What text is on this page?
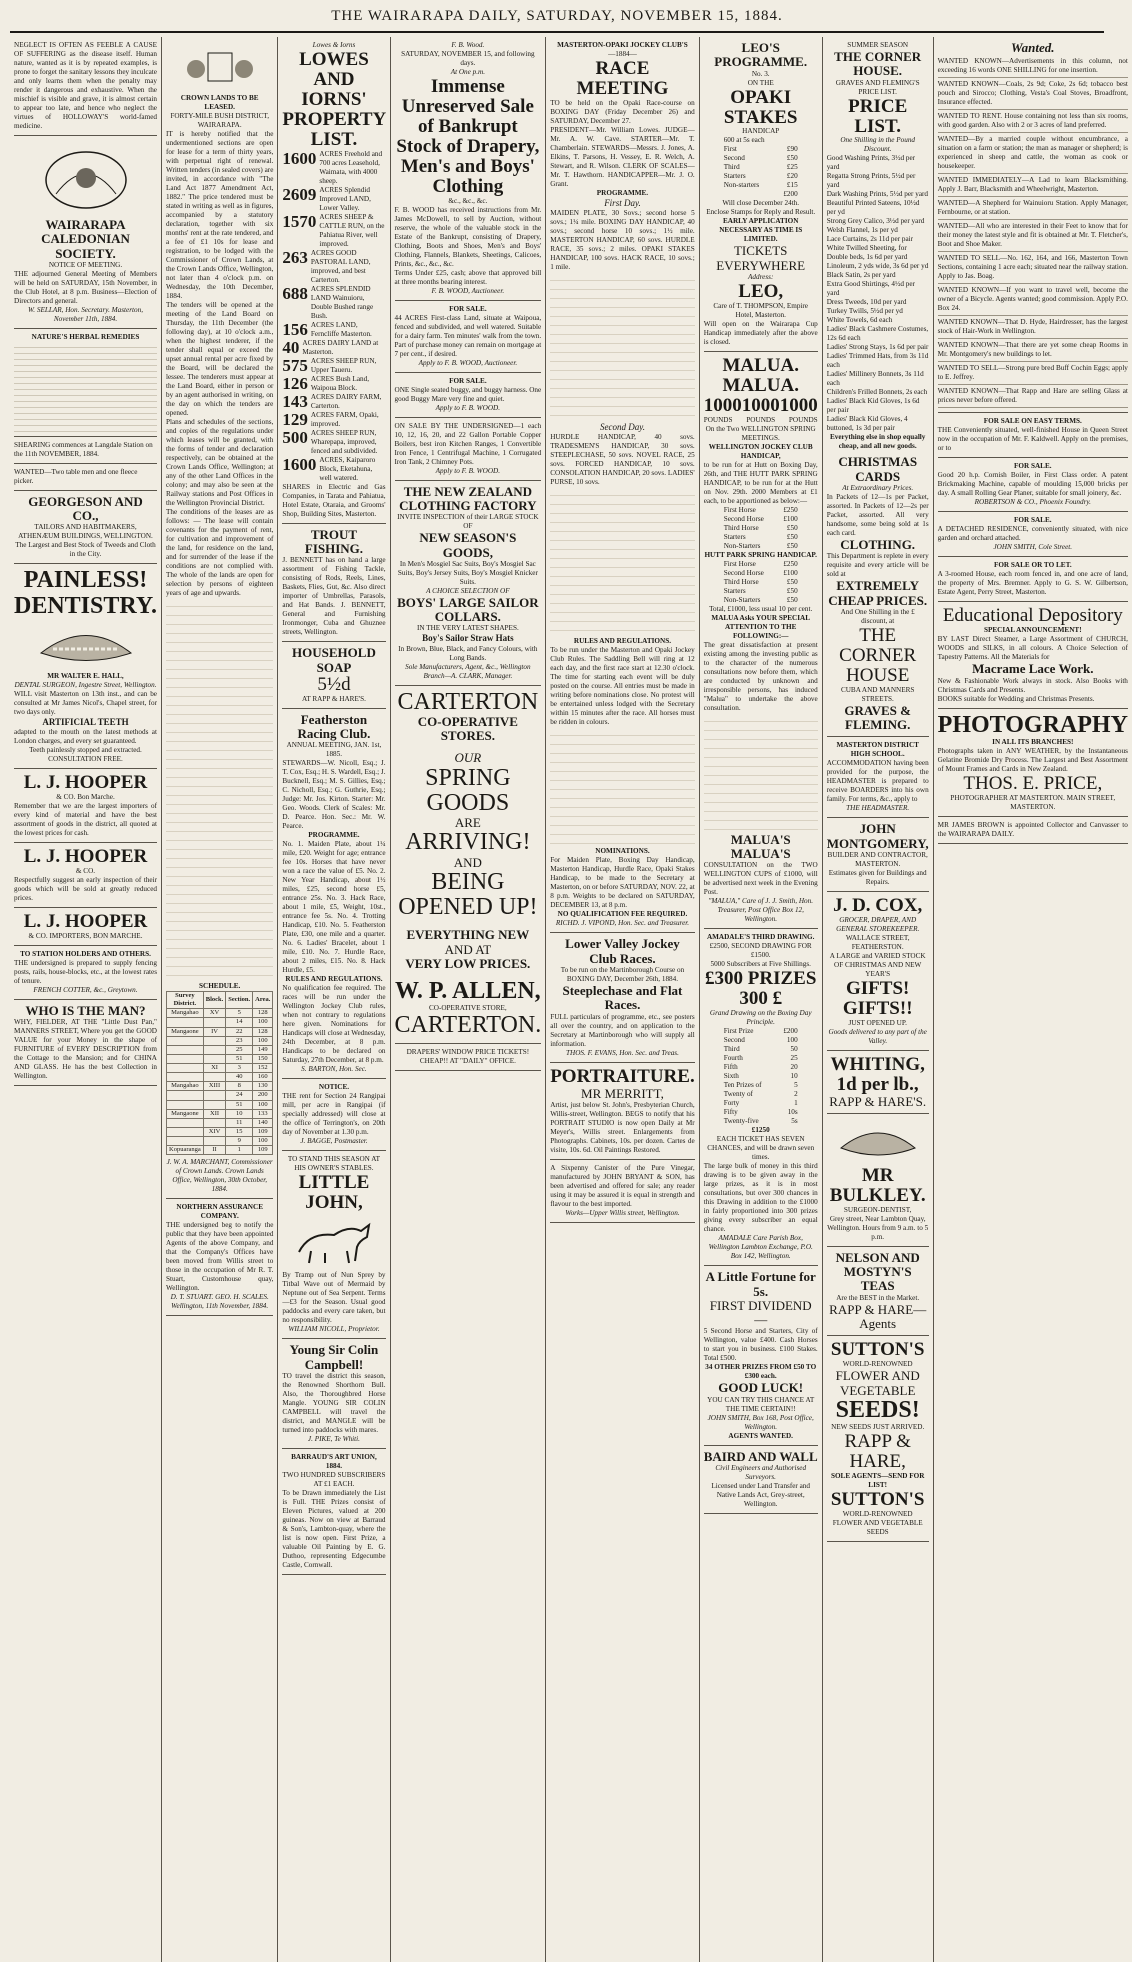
THE WAIRARAPA DAILY, SATURDAY, NOVEMBER 15, 1884.
NEGLECT IS OFTEN AS FEEBLE A CAUSE OF SUFFERING as the disease itself. Human nature, wanted as it is by repeated examples, is prone to forget the sanitary lessons they inculcate and only learns them when the penalty may render it dangerous and exhaustive. When the mischief is visible and grave, it is almost certain to appear too late, and hence who neglect the virtues of HOLLOWAY'S world-famed medicine.
WAIRARAPA CALEDONIAN SOCIETY.
NOTICE OF MEETING.
THE adjourned General Meeting of Members will be held on SATURDAY, 15th November, in the Club Hotel, at 8 p.m. Business—Election of Directors and general.
W. SELLAR, Hon. Secretary. Masterton, November 11th, 1884.
NATURE'S HERBAL REMEDIES
SHEARING commences at Langdale Station on the 11th NOVEMBER, 1884.
WANTED—Two table men and one fleece picker.
GEORGESON AND CO.,
TAILORS AND HABITMAKERS, ATHENÆUM BUILDINGS, WELLINGTON.
The Largest and Best Stock of Tweeds and Cloth in the City.
PAINLESS!
DENTISTRY.
MR WALTER E. HALL,
DENTAL SURGEON, Ingestre Street, Wellington.
WILL visit Masterton on 13th inst., and can be consulted at Mr James Nicol's, Chapel street, for two days only.
ARTIFICIAL TEETH
adapted to the mouth on the latest methods at London charges, and every set guaranteed.
Teeth painlessly stopped and extracted. CONSULTATION FREE.
L. J. HOOPER
& CO. Bon Marche.
Remember that we are the largest importers of every kind of material and have the best assortment of goods in the district, all quoted at the lowest prices for cash.
L. J. HOOPER
& CO.
Respectfully suggest an early inspection of their goods which will be sold at greatly reduced prices.
L. J. HOOPER
& CO. IMPORTERS, BON MARCHE.
TO STATION HOLDERS AND OTHERS.
THE undersigned is prepared to supply fencing posts, rails, house-blocks, etc., at the lowest rates of tenure.
FRENCH COTTER, &c., Greytown.
WHO IS THE MAN?
WHY, FIELDER, AT THE "Little Dust Pan," MANNERS STREET, Where you get the GOOD VALUE for your Money in the shape of FURNITURE of EVERY DESCRIPTION from the Cottage to the Mansion; and for CHINA AND GLASS. He has the best Collection in Wellington.
CROWN LANDS TO BE LEASED.
FORTY-MILE BUSH DISTRICT, WAIRARAPA.
IT is hereby notified that the undermentioned sections are open for lease for a term of thirty years, with perpetual right of renewal. Written tenders (in sealed covers) are invited, in accordance with "The Land Act 1877 Amendment Act, 1882." The price tendered must be stated in writing as well as in figures, accompanied by a statutory declaration, together with six months' rent at the rate tendered, and a fee of £1 10s for lease and registration, to be lodged with the Commissioner of Crown Lands, at the Crown Lands Office, Wellington, not later than 4 o'clock p.m. on Wednesday, the 10th December, 1884.
The tenders will be opened at the meeting of the Land Board on Thursday, the 11th December (the following day), at 10 o'clock a.m., when the highest tenderer, if the tender shall equal or exceed the upset annual rental per acre fixed by the Board, will be declared the lessee. The tenderers must appear at the Land Board, either in person or by an agent authorised in writing, on the day on which the tenders are opened.
Plans and schedules of the sections, and copies of the regulations under which leases will be granted, with the forms of tender and declaration respectively, can be obtained at the Crown Lands Office, Wellington; at any of the other Land Offices in the colony; and may also be seen at the Railway stations and Post Offices in the Wellington Provincial District.
The conditions of the leases are as follows: — The lease will contain covenants for the payment of rent, for cultivation and improvement of the land, for residence on the land, and for surrender of the lease if the conditions are not complied with. The whole of the lands are open for selection by persons of eighteen years of age and upwards.
SCHEDULE.
Survey District.	Block.	Section.	Area.
Mangahao	XV	5	128
		14	100
Mangaone	IV	22	128
		23	100
		25	149
		51	150
	XI	3	152
		40	160
Mangahao	XIII	8	130
		24	200
		51	100
Mangaone	XII	10	133
		11	140
	XIV	15	109
		9	100
Kopuaranga	II	1	109
J. W. A. MARCHANT, Commissioner of Crown Lands. Crown Lands Office, Wellington, 30th October, 1884.
NORTHERN ASSURANCE COMPANY.
THE undersigned beg to notify the public that they have been appointed Agents of the above Company, and that the Company's Offices have been moved from Willis street to those in the occupation of Mr R. T. Stuart, Customhouse quay, Wellington.
D. T. STUART. GEO. H. SCALES. Wellington, 11th November, 1884.
Lowes & Iorns
LOWES AND IORNS' PROPERTY LIST.
1600 ACRES Freehold and 700 acres Leasehold, Waimata, with 4000 sheep.
2609 ACRES Splendid Improved LAND, Lower Valley.
1570 ACRES SHEEP & CATTLE RUN, on the Pahiatua River, well improved.
263 ACRES GOOD PASTORAL LAND, improved, and best Carterton.
688 ACRES SPLENDID LAND Wainuioru, Double Bushed range Bush.
156 ACRES LAND, Ferncliffe Masterton.
40 ACRES DAIRY LAND at Masterton.
575 ACRES SHEEP RUN, Upper Taueru.
126 ACRES Bush Land, Waipoua Block.
143 ACRES DAIRY FARM, Carterton.
129 ACRES FARM, Opaki, improved.
500 ACRES SHEEP RUN, Wharepapa, improved, fenced and subdivided.
1600 ACRES, Kaiparoro Block, Eketahuna, well watered.
SHARES in Electric and Gas Companies, in Tarata and Pahiatua, Hotel Estate, Otaraia, and Grooms' Shop, Building Sites, Masterton.
TROUT FISHING.
J. BENNETT has on hand a large assortment of Fishing Tackle, consisting of Rods, Reels, Lines, Baskets, Flies, Gut, &c. Also direct importer of Umbrellas, Parasols, and Hat Bands. J. BENNETT, General and Furnishing Ironmonger, Cuba and Ghuznee streets, Wellington.
HOUSEHOLD SOAP
5½d
AT RAPP & HARE'S.
Featherston Racing Club.
ANNUAL MEETING, JAN. 1st, 1885.
STEWARDS—W. Nicoll, Esq.; J. T. Cox, Esq.; H. S. Wardell, Esq.; J. Bucknell, Esq.; M. S. Gillies, Esq.; C. Nicholl, Esq.; G. Guthrie, Esq.; Judge: Mr. Jos. Kirton. Starter: Mr. Geo. Woods. Clerk of Scales: Mr. D. Pearce. Hon. Sec.: Mr. W. Pearce.
PROGRAMME.
No. 1. Maiden Plate, about 1¼ mile, £20. Weight for age; entrance fee 10s. Horses that have never won a race the value of £5. No. 2. New Year Handicap, about 1½ miles, £25, second horse £5, entrance 25s. No. 3. Hack Race, about 1 mile, £5, Weight, 10st., entrance fee 5s. No. 4. Trotting Handicap, £10. No. 5. Featherston Plate, £30, one mile and a quarter. No. 6. Ladies' Bracelet, about 1 mile, £10. No. 7. Hurdle Race, about 2 miles, £15. No. 8. Hack Hurdle, £5.
RULES AND REGULATIONS.
No qualification fee required. The races will be run under the Wellington Jockey Club rules, when not contrary to regulations here given. Nominations for Handicaps will close at Wednesday, 24th December, at 8 p.m. Handicaps to be declared on Saturday, 27th December, at 8 p.m.
S. BARTON, Hon. Sec.
NOTICE.
THE rent for Section 24 Rangipai mill, per acre in Rangipai (if specially addressed) will close at the office of Terrington's, on 20th day of November at 1.30 p.m.
J. BAGGE, Postmaster.
TO STAND THIS SEASON AT HIS OWNER'S STABLES.
LITTLE JOHN,
By Tramp out of Nun Sprey by Titbal Wave out of Mermaid by Neptune out of Sea Serpent. Terms—£3 for the Season. Usual good paddocks and every care taken, but no responsibility.
WILLIAM NICOLL, Proprietor.
Young Sir Colin Campbell!
TO travel the district this season, the Renowned Shorthorn Bull. Also, the Thoroughbred Horse Mangle. YOUNG SIR COLIN CAMPBELL will travel the district, and MANGLE will be turned into paddocks with mares.
J. PIKE, Te Whiti.
BARRAUD'S ART UNION, 1884.
TWO HUNDRED SUBSCRIBERS AT £1 EACH.
To be Drawn immediately the List is Full. THE Prizes consist of Eleven Pictures, valued at 200 guineas. Now on view at Barraud & Son's, Lambton-quay, where the list is now open. First Prize, a valuable Oil Painting by E. G. Duthoo, representing Edgecumbe Castle, Cornwall.
F. B. Wood.
SATURDAY, NOVEMBER 15, and following days.
At One p.m.
Immense Unreserved Sale of Bankrupt Stock of Drapery, Men's and Boys' Clothing
&c., &c., &c.
F. B. WOOD has received instructions from Mr. James McDowell, to sell by Auction, without reserve, the whole of the valuable stock in the Estate of the Bankrupt, consisting of Drapery, Clothing, Boots and Shoes, Men's and Boys' Clothing, Flannels, Blankets, Sheetings, Calicoes, Prints, &c., &c., &c.
Terms Under £25, cash; above that approved bill at three months bearing interest.
F. B. WOOD, Auctioneer.
FOR SALE.
44 ACRES First-class Land, situate at Waipoua, fenced and subdivided, and well watered. Suitable for a dairy farm. Ten minutes' walk from the town. Part of purchase money can remain on mortgage at 7 per cent., if desired.
Apply to F. B. WOOD, Auctioneer.
FOR SALE.
ONE Single seated buggy, and buggy harness. One good Buggy Mare very fine and quiet.
Apply to F. B. WOOD.
ON SALE BY THE UNDERSIGNED—1 each 10, 12, 16, 20, and 22 Gallon Portable Copper Boilers, best iron Kitchen Ranges, 1 Convertible Iron Fence, 1 Centrifugal Machine, 1 Corrugated Iron Tank, 2 Chimney Pots.
Apply to F. B. WOOD.
THE NEW ZEALAND CLOTHING FACTORY
INVITE INSPECTION of their LARGE STOCK OF
NEW SEASON'S GOODS,
In Men's Mosgiel Sac Suits, Boy's Mosgiel Sac Suits, Boy's Jersey Suits, Boy's Mosgiel Knicker Suits.
A CHOICE SELECTION OF
BOYS' LARGE SAILOR COLLARS.
IN THE VERY LATEST SHAPES.
Boy's Sailor Straw Hats
In Brown, Blue, Black, and Fancy Colours, with Long Bands.
Sole Manufacturers, Agent, &c., Wellington Branch—A. CLARK, Manager.
CARTERTON
CO-OPERATIVE STORES.
OUR
SPRING GOODS
ARE
ARRIVING!
AND
BEING OPENED UP!
EVERYTHING NEW
AND AT
VERY LOW PRICES.
W. P. ALLEN,
CO-OPERATIVE STORE,
CARTERTON.
DRAPERS' WINDOW PRICE TICKETS! CHEAP!! AT "DAILY" OFFICE.
MASTERTON-OPAKI JOCKEY CLUB'S
—1884—
RACE MEETING
TO be held on the Opaki Race-course on BOXING DAY (Friday December 26) and SATURDAY, December 27.
PRESIDENT—Mr. William Lowes. JUDGE—Mr. A. W. Cave. STARTER—Mr. T. Chamberlain. STEWARDS—Messrs. J. Jones, A. Elkins, T. Parsons, H. Vessey, E. R. Welch, A. Stewart, and R. Wilson. CLERK OF SCALES—Mr. T. Hawthorn. HANDICAPPER—Mr. J. O. Grant.
PROGRAMME.
First Day.
MAIDEN PLATE, 30 Sovs.; second horse 5 sovs.; 1¼ mile. BOXING DAY HANDICAP, 40 sovs.; second horse 10 sovs.; 1½ mile. MASTERTON HANDICAP, 60 sovs. HURDLE RACE, 35 sovs.; 2 miles. OPAKI STAKES HANDICAP, 100 sovs. HACK RACE, 10 sovs.; 1 mile.
Second Day.
HURDLE HANDICAP, 40 sovs. TRADESMEN'S HANDICAP, 30 sovs. STEEPLECHASE, 50 sovs. NOVEL RACE, 25 sovs. FORCED HANDICAP, 10 sovs. CONSOLATION HANDICAP, 20 sovs. LADIES' PURSE, 10 sovs.
RULES AND REGULATIONS.
To be run under the Masterton and Opaki Jockey Club Rules. The Saddling Bell will ring at 12 each day, and the first race start at 12.30 o'clock. The time for starting each event will be duly posted on the course. All entries must be made in writing before nominations close. No protest will be entertained unless lodged with the Secretary within 15 minutes after the race. All horses must be ridden in colours.
NOMINATIONS.
For Maiden Plate, Boxing Day Handicap, Masterton Handicap, Hurdle Race, Opaki Stakes Handicap, to be made to the Secretary at Masterton, on or before SATURDAY, NOV. 22, at 8 p.m. Weights to be declared on SATURDAY, DECEMBER 13, at 8 p.m.
NO QUALIFICATION FEE REQUIRED.
RICHD. J. VIPOND, Hon. Sec. and Treasurer.
Lower Valley Jockey Club Races.
To be run on the Martinborough Course on BOXING DAY, December 26th, 1884.
Steeplechase and Flat Races.
FULL particulars of programme, etc., see posters all over the country, and on application to the Secretary at Martinborough who will supply all information.
THOS. F. EVANS, Hon. Sec. and Treas.
PORTRAITURE.
MR MERRITT,
Artist, just below St. John's, Presbyterian Church, Willis-street, Wellington. BEGS to notify that his PORTRAIT STUDIO is now open Daily at Mr Meyer's, Willis street. Enlargements from Photographs. Cabinets, 10s. per dozen. Cartes de visite, 10s. 6d. Oil Paintings Restored.
A Sixpenny Canister of the Pure Vinegar, manufactured by JOHN BRYANT & SON, has been advertised and offered for sale; any reader using it may be assured it is equal in strength and flavour to the best imported.
Works—Upper Willis street, Wellington.
LEO'S PROGRAMME.
No. 3.
ON THE
OPAKI STAKES
HANDICAP
600 at 5s each
First	£90
Second	£50
Third	£25
Starters	£20
Non-starters	£15
£200
Will close December 24th.
Enclose Stamps for Reply and Result.
EARLY APPLICATION NECESSARY AS TIME IS LIMITED.
TICKETS EVERYWHERE
Address:
LEO,
Care of T. THOMPSON, Empire Hotel, Masterton.
Will open on the Wairarapa Cup Handicap immediately after the above is closed.
MALUA. MALUA.
1000 1000 1000
POUNDS POUNDS POUNDS
On the Two WELLINGTON SPRING MEETINGS.
WELLINGTON JOCKEY CLUB HANDICAP,
to be run for at Hutt on Boxing Day, 26th, and THE HUTT PARK SPRING HANDICAP, to be run for at the Hutt on Nov. 29th. 2000 Members at £1 each, to be apportioned as below:—
First Horse	£250
Second Horse	£100
Third Horse	£50
Starters	£50
Non-Starters	£50
HUTT PARK SPRING HANDICAP.
First Horse	£250
Second Horse	£100
Third Horse	£50
Starters	£50
Non-Starters	£50
Total, £1000, less usual 10 per cent.
MALUA Asks YOUR SPECIAL ATTENTION TO THE FOLLOWING:—
The great dissatisfaction at present existing among the investing public as to the character of the numerous consultations now before them, which are conducted by unknown and irresponsible persons, has induced "Malua" to undertake the above consultation.
MALUA'S MALUA'S
CONSULTATION on the TWO WELLINGTON CUPS of £1000, will be advertised next week in the Evening Post.
"MALUA," Care of J. J. Smith, Hon. Treasurer, Post Office Box 12, Wellington.
AMADALE'S THIRD DRAWING.
£2500, SECOND DRAWING FOR £1500.
5000 Subscribers at Five Shillings.
£300 PRIZES 300 £
Grand Drawing on the Boxing Day Principle.
First Prize	£200
Second	100
Third	50
Fourth	25
Fifth	20
Sixth	10
Ten Prizes of	5
Twenty of	2
Forty	1
Fifty	10s
Twenty-five	5s
£1250
EACH TICKET HAS SEVEN CHANCES, and will be drawn seven times.
The large bulk of money in this third drawing is to be given away in the large prizes, as it is in most consultations, but over 300 chances in this Drawing in addition to the £1000 in fairly proportioned into 300 prizes giving every subscriber an equal chance.
AMADALE Care Parish Box, Wellington Lambton Exchange, P.O. Box 142, Wellington.
A Little Fortune for 5s.
FIRST DIVIDEND—
5 Second Horse and Starters, City of Wellington, value £400. Cash Horses to start you in business. £100 Stakes. Total £500.
34 OTHER PRIZES FROM £50 TO £300 each.
GOOD LUCK!
YOU CAN TRY THIS CHANCE AT THE TIME CERTAIN!!
JOHN SMITH, Box 168, Post Office, Wellington.
AGENTS WANTED.
BAIRD AND WALL
Civil Engineers and Authorised Surveyors.
Licensed under Land Transfer and Native Lands Act, Grey-street, Wellington.
SUMMER SEASON
THE CORNER HOUSE.
GRAVES AND FLEMING'S PRICE LIST.
PRICE LIST.
One Shilling in the Pound Discount.
Good Washing Prints, 3½d per yard
Regatta Strong Prints, 5½d per yard
Dark Washing Prints, 5½d per yard
Beautiful Printed Sateens, 10½d per yd
Strong Grey Calico, 3½d per yard
Welsh Flannel, 1s per yd
Lace Curtains, 2s 11d per pair
White Twilled Sheeting, for Double beds, 1s 6d per yard
Linoleum, 2 yds wide, 3s 6d per yd
Black Satin, 2s per yard
Extra Good Shirtings, 4½d per yard
Dress Tweeds, 10d per yard
Turkey Twills, 5½d per yd
White Towels, 6d each
Ladies' Black Cashmere Costumes, 12s 6d each
Ladies' Strong Stays, 1s 6d per pair
Ladies' Trimmed Hats, from 3s 11d each
Ladies' Millinery Bonnets, 3s 11d each
Children's Frilled Bonnets, 2s each
Ladies' Black Kid Gloves, 1s 6d per pair
Ladies' Black Kid Gloves, 4 buttoned, 1s 3d per pair
Everything else in shop equally cheap, and all new goods.
CHRISTMAS CARDS
At Extraordinary Prices.
In Packets of 12—1s per Packet, assorted. In Packets of 12—2s per Packet, assorted. All very handsome, some being sold at 1s each card.
CLOTHING.
This Department is replete in every requisite and every article will be sold at
EXTREMELY CHEAP PRICES.
And One Shilling in the £ discount, at
THE CORNER HOUSE
CUBA AND MANNERS STREETS.
GRAVES & FLEMING.
MASTERTON DISTRICT HIGH SCHOOL.
ACCOMMODATION having been provided for the purpose, the HEADMASTER is prepared to receive BOARDERS into his own family. For terms, &c., apply to
THE HEADMASTER.
JOHN MONTGOMERY,
BUILDER AND CONTRACTOR, MASTERTON.
Estimates given for Buildings and Repairs.
J. D. COX,
GROCER, DRAPER, AND GENERAL STOREKEEPER.
WALLACE STREET, FEATHERSTON.
A LARGE and VARIED STOCK OF CHRISTMAS AND NEW YEAR'S
GIFTS! GIFTS!!
JUST OPENED UP.
Goods delivered to any part of the Valley.
WHITING, 1d per lb.,
RAPP & HARE'S.
MR BULKLEY.
SURGEON-DENTIST,
Grey street, Near Lambton Quay, Wellington. Hours from 9 a.m. to 5 p.m.
NELSON AND MOSTYN'S TEAS
Are the BEST in the Market.
RAPP & HARE—Agents
SUTTON'S
WORLD-RENOWNED
FLOWER AND VEGETABLE
SEEDS!
NEW SEEDS JUST ARRIVED.
RAPP & HARE,
SOLE AGENTS—SEND FOR LIST!
SUTTON'S
WORLD-RENOWNED
FLOWER AND VEGETABLE SEEDS
Wanted.
WANTED KNOWN—Advertisements in this column, not exceeding 16 words ONE SHILLING for one insertion.
WANTED KNOWN—Coals, 2s 9d; Coke, 2s 6d; tobacco best pouch and Sirocco; Clothing, Vesta's Coal Stoves, Broadfront, Insurance effected.
WANTED TO RENT. House containing not less than six rooms, with good garden. Also with 2 or 3 acres of land preferred.
WANTED—By a married couple without encumbrance, a situation on a farm or station; the man as manager or shepherd; is experienced in sheep and cattle, the woman as cook or housekeeper.
WANTED IMMEDIATELY—A Lad to learn Blacksmithing. Apply J. Barr, Blacksmith and Wheelwright, Masterton.
WANTED—A Shepherd for Wainuioru Station. Apply Manager, Fernbourne, or at station.
WANTED—All who are interested in their Feet to know that for their money the latest style and fit is obtained at Mr. T. Fletcher's, Boot and Shoe Maker.
WANTED TO SELL—No. 162, 164, and 166, Masterton Town Sections, containing 1 acre each; situated near the railway station. Apply to Jas. Boag.
WANTED KNOWN—If you want to travel well, become the owner of a Bicycle. Agents wanted; good commission. Apply P.O. Box 24.
WANTED KNOWN—That D. Hyde, Hairdresser, has the largest stock of Hair-Work in Wellington.
WANTED KNOWN—That there are yet some cheap Rooms in Mr. Montgomery's new buildings to let.
WANTED TO SELL—Strong pure bred Buff Cochin Eggs; apply to E. Jeffrey.
WANTED KNOWN—That Rapp and Hare are selling Glass at prices never before offered.
FOR SALE ON EASY TERMS.
THE Conveniently situated, well-finished House in Queen Street now in the occupation of Mr. F. Kaldwell. Apply on the premises, or to
FOR SALE.
Good 20 h.p. Cornish Boiler, in First Class order. A patent Brickmaking Machine, capable of moulding 15,000 bricks per day. A small Rolling Gear Planer, suitable for small joinery, &c.
ROBERTSON & CO., Phoenix Foundry.
FOR SALE.
A DETACHED RESIDENCE, conveniently situated, with nice garden and orchard attached.
JOHN SMITH, Cole Street.
FOR SALE OR TO LET.
A 3-roomed House, each room fenced in, and one acre of land, the property of Mrs. Bremner. Apply to G. S. W. Gilbertson, Estate Agent, Perry Street, Masterton.
Educational Depository
SPECIAL ANNOUNCEMENT!
BY LAST Direct Steamer, a Large Assortment of CHURCH, WOODS and SILKS, in all colours. A Choice Selection of Tapestry Patterns. All the Materials for
Macrame Lace Work.
New & Fashionable Work always in stock. Also Books with Christmas Cards and Presents.
BOOKS suitable for Wedding and Christmas Presents.
PHOTOGRAPHY
IN ALL ITS BRANCHES!
Photographs taken in ANY WEATHER, by the Instantaneous Gelatine Bromide Dry Process. The Largest and Best Assortment of Mount Frames and Cards in New Zealand.
THOS. E. PRICE,
PHOTOGRAPHER AT MASTERTON. MAIN STREET, MASTERTON.
MR JAMES BROWN is appointed Collector and Canvasser to the WAIRARAPA DAILY.
